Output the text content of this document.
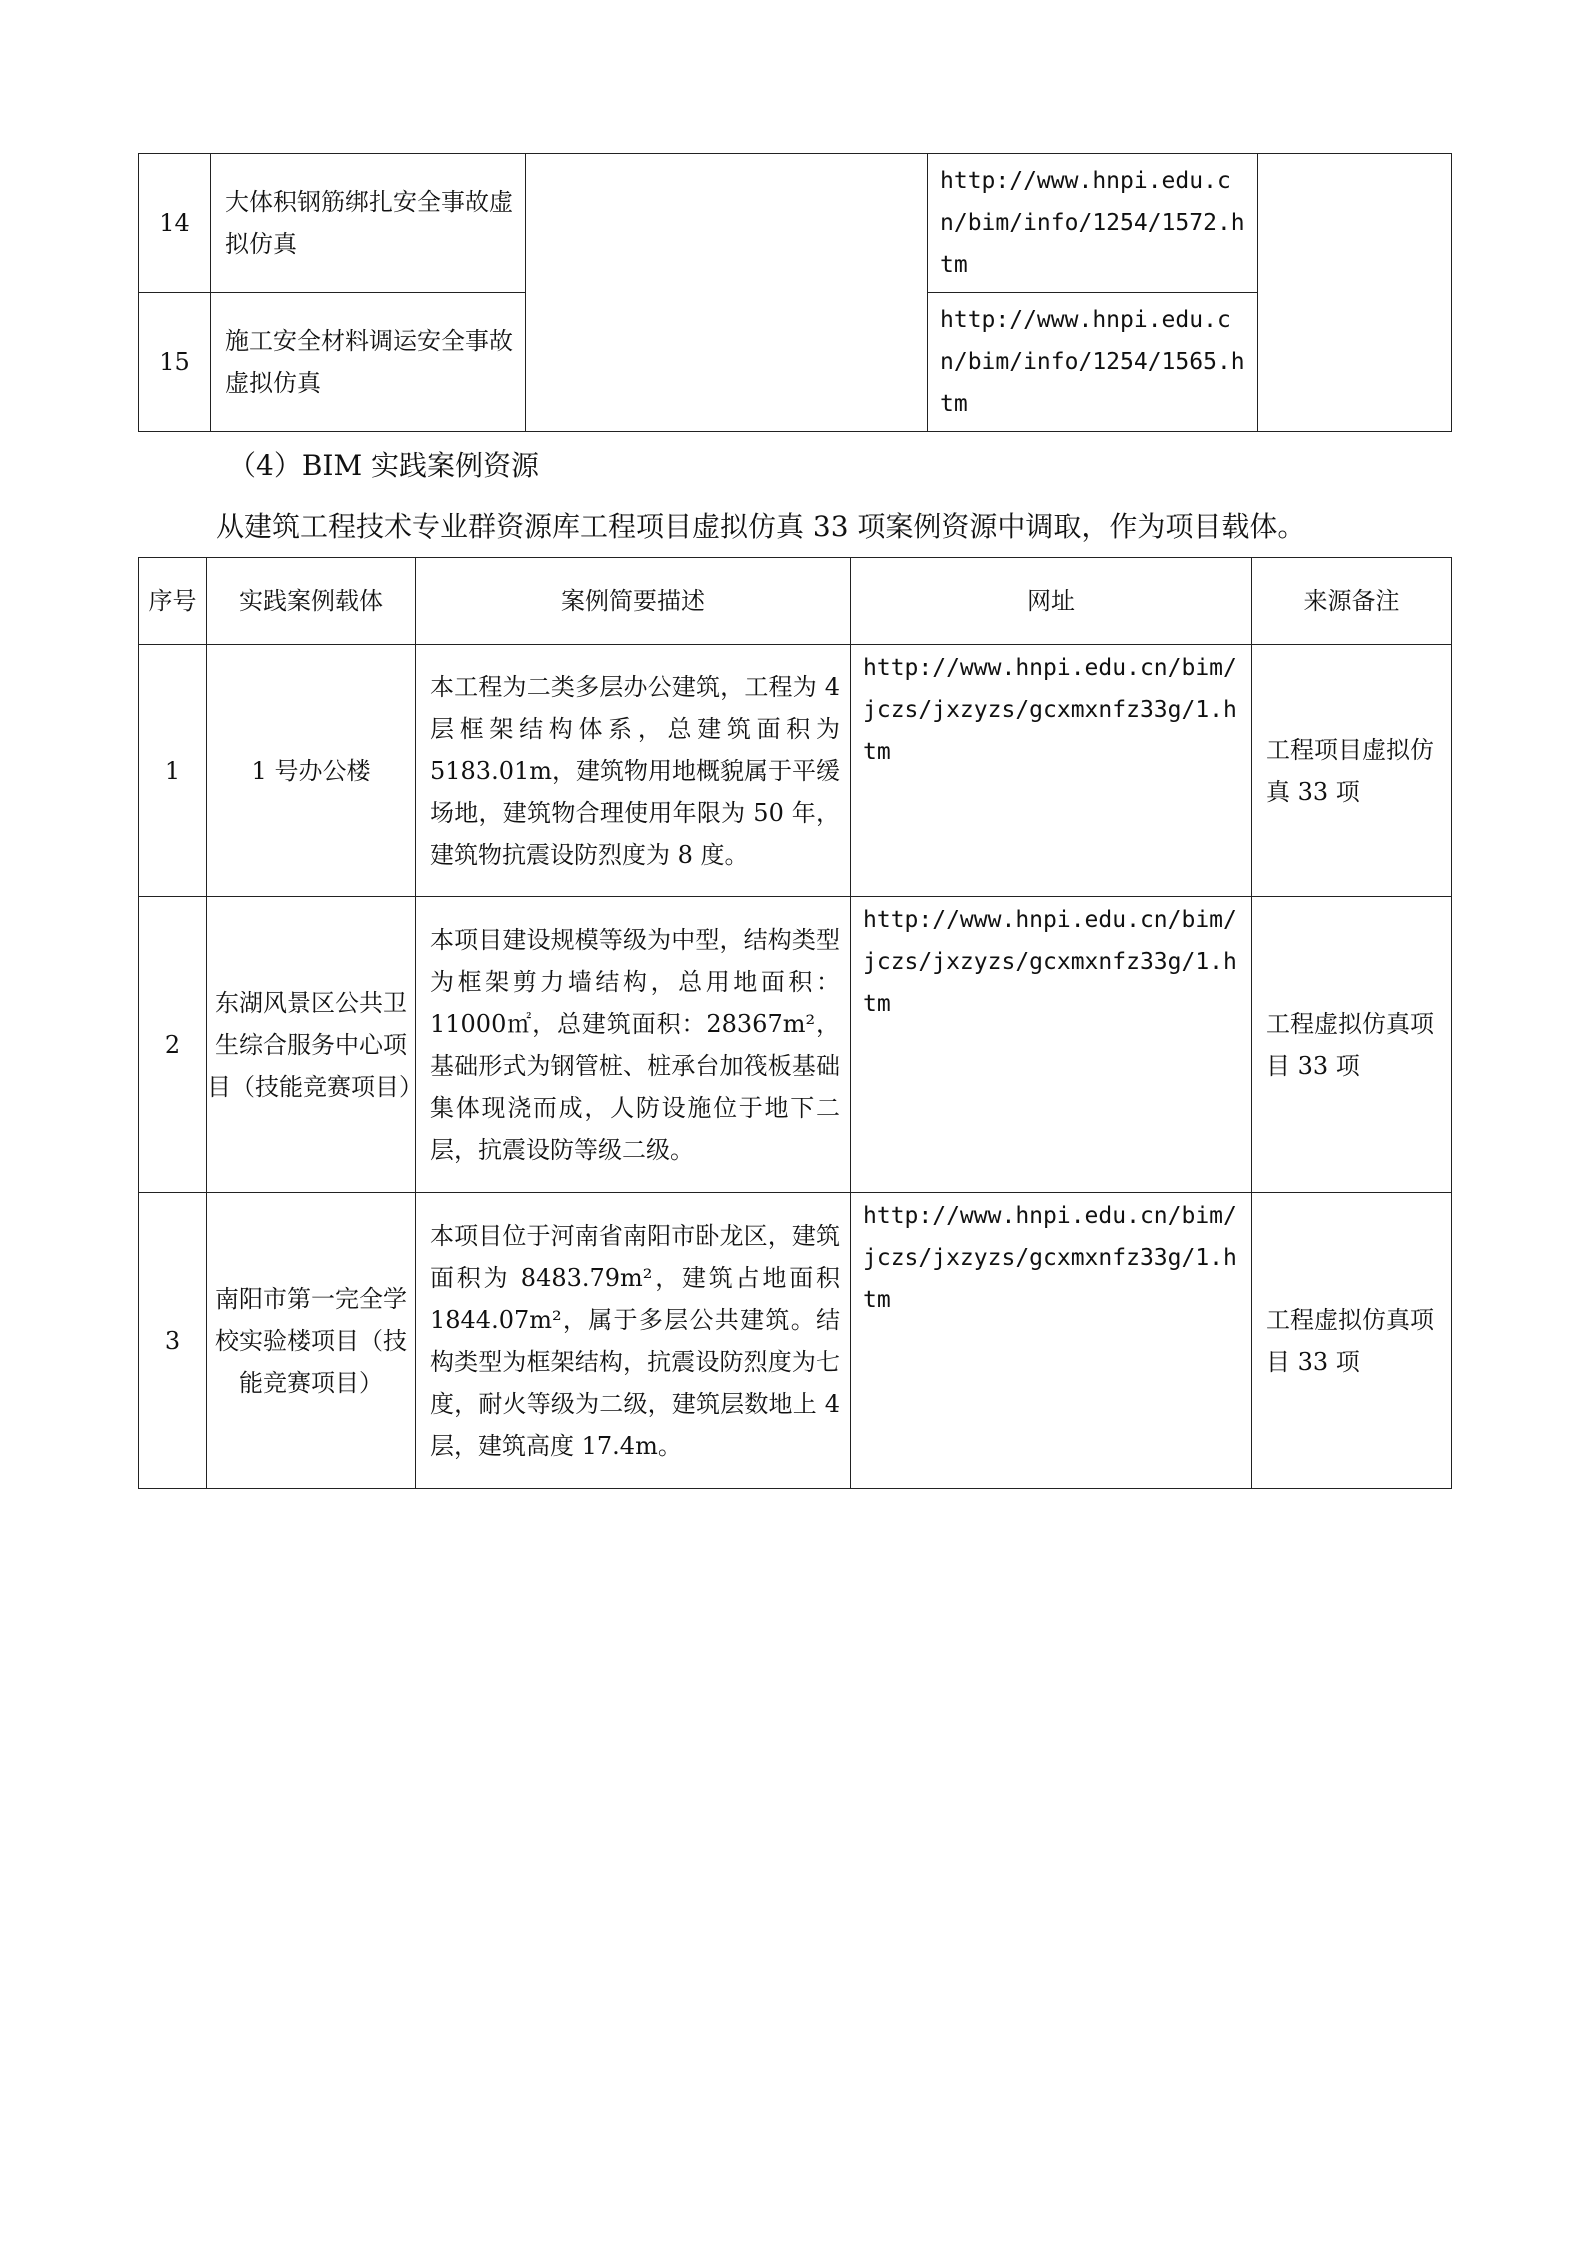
14	大体积钢筋绑扎安全事故虚拟仿真		http://www.hnpi.edu.cn/bim/info/1254/1572.htm	
15	施工安全材料调运安全事故虚拟仿真		http://www.hnpi.edu.cn/bim/info/1254/1565.htm	
（4）BIM 实践案例资源
从建筑工程技术专业群资源库工程项目虚拟仿真 33 项案例资源中调取，作为项目载体。
序号	实践案例载体	案例简要描述	网址	来源备注
1	1 号办公楼	本工程为二类多层办公建筑，工程为 4 层框架结构体系，总建筑面积为 5183.01m，建筑物用地概貌属于平缓场地，建筑物合理使用年限为 50 年，建筑物抗震设防烈度为 8 度。	http://www.hnpi.edu.cn/bim/jczs/jxzyzs/gcxmxnfz33g/1.htm	工程项目虚拟仿真 33 项
2	东湖风景区公共卫生综合服务中心项目（技能竞赛项目）	本项目建设规模等级为中型，结构类型为框架剪力墙结构，总用地面积：11000㎡，总建筑面积：28367m²，基础形式为钢管桩、桩承台加筏板基础集体现浇而成，人防设施位于地下二层，抗震设防等级二级。	http://www.hnpi.edu.cn/bim/jczs/jxzyzs/gcxmxnfz33g/1.htm	工程虚拟仿真项目 33 项
3	南阳市第一完全学校实验楼项目（技能竞赛项目）	本项目位于河南省南阳市卧龙区，建筑面积为 8483.79m²，建筑占地面积 1844.07m²，属于多层公共建筑。结构类型为框架结构，抗震设防烈度为七度，耐火等级为二级，建筑层数地上 4 层，建筑高度 17.4m。	http://www.hnpi.edu.cn/bim/jczs/jxzyzs/gcxmxnfz33g/1.htm	工程虚拟仿真项目 33 项
